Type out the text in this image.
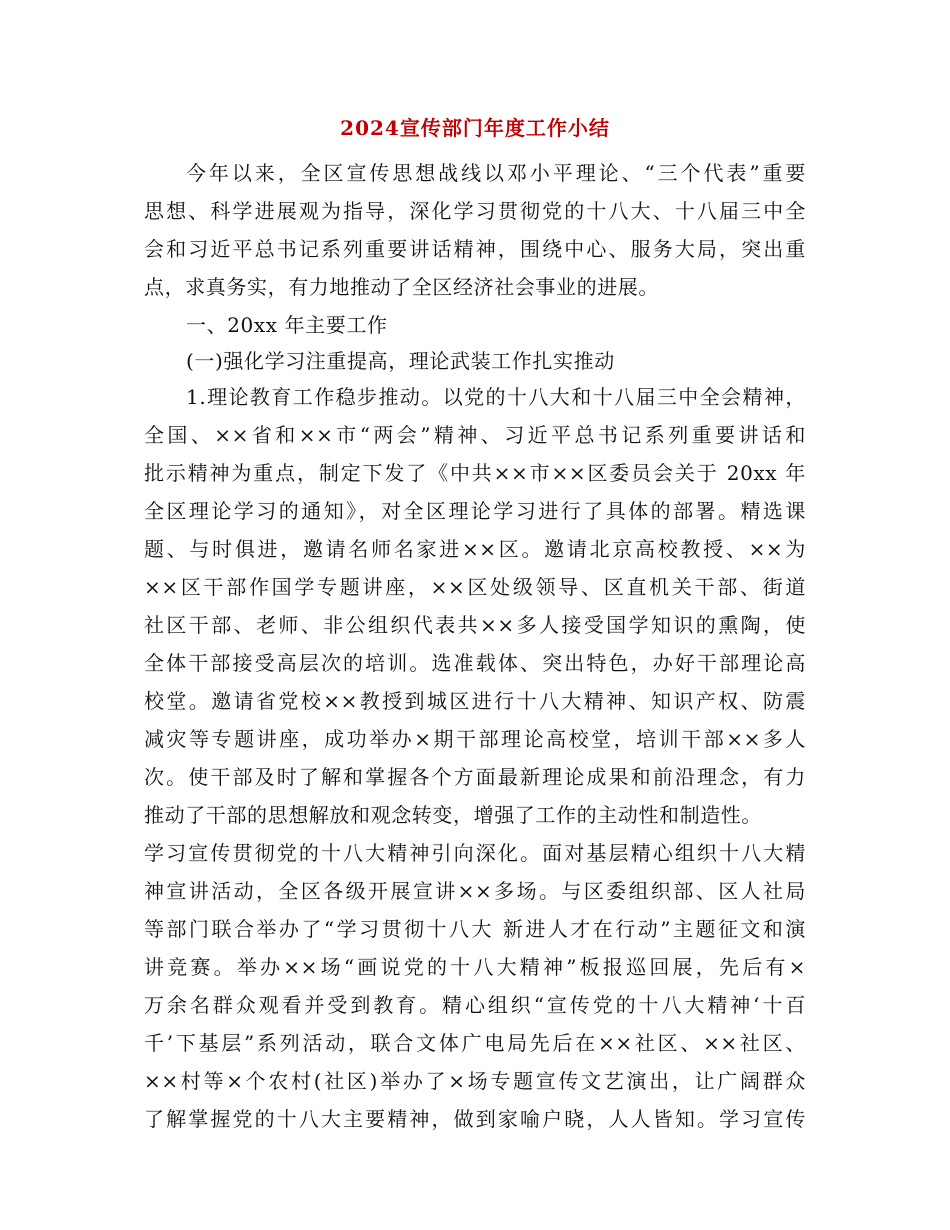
2024宣传部门年度工作小结

今年以来，全区宣传思想战线以邓小平理论、“三个代表”重要

思想、科学进展观为指导，深化学习贯彻党的十八大、十八届三中全

会和习近平总书记系列重要讲话精神，围绕中心、服务大局，突出重

点，求真务实，有力地推动了全区经济社会事业的进展。

一、20xx 年主要工作

(一)强化学习注重提高，理论武装工作扎实推动

1.理论教育工作稳步推动。以党的十八大和十八届三中全会精神，

全国、××省和××市“两会”精神、习近平总书记系列重要讲话和

批示精神为重点，制定下发了《中共××市××区委员会关于 20xx 年

全区理论学习的通知》，对全区理论学习进行了具体的部署。精选课

题、与时俱进，邀请名师名家进××区。邀请北京高校教授、××为

××区干部作国学专题讲座，××区处级领导、区直机关干部、街道

社区干部、老师、非公组织代表共××多人接受国学知识的熏陶，使

全体干部接受高层次的培训。选准载体、突出特色，办好干部理论高

校堂。邀请省党校××教授到城区进行十八大精神、知识产权、防震

减灾等专题讲座，成功举办×期干部理论高校堂，培训干部××多人

次。使干部及时了解和掌握各个方面最新理论成果和前沿理念，有力

推动了干部的思想解放和观念转变，增强了工作的主动性和制造性。

学习宣传贯彻党的十八大精神引向深化。面对基层精心组织十八大精

神宣讲活动，全区各级开展宣讲××多场。与区委组织部、区人社局

等部门联合举办了“学习贯彻十八大 新进人才在行动”主题征文和演

讲竞赛。举办××场“画说党的十八大精神”板报巡回展，先后有×

万余名群众观看并受到教育。精心组织“宣传党的十八大精神‘十百

千’下基层”系列活动，联合文体广电局先后在××社区、××社区、

××村等×个农村(社区)举办了×场专题宣传文艺演出，让广阔群众

了解掌握党的十八大主要精神，做到家喻户晓，人人皆知。学习宣传
